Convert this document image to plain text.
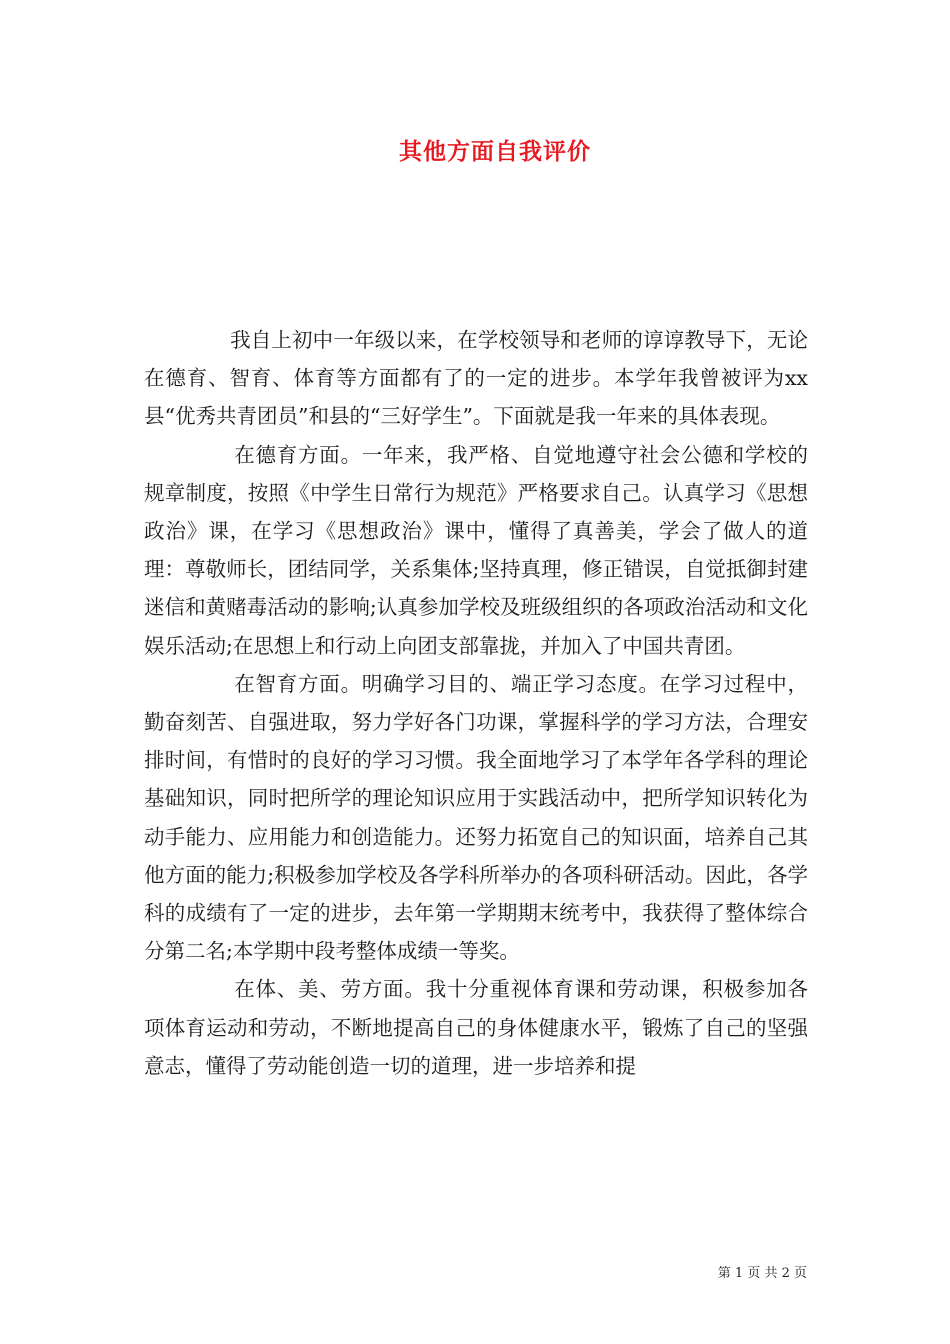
其他方面自我评价

我自上初中一年级以来，在学校领导和老师的谆谆教导下，无论在德育、智育、体育等方面都有了的一定的进步。本学年我曾被评为xx县“优秀共青团员”和县的“三好学生”。下面就是我一年来的具体表现。

在德育方面。一年来，我严格、自觉地遵守社会公德和学校的规章制度，按照《中学生日常行为规范》严格要求自己。认真学习《思想政治》课，在学习《思想政治》课中，懂得了真善美，学会了做人的道理：尊敬师长，团结同学，关系集体;坚持真理，修正错误，自觉抵御封建迷信和黄赌毒活动的影响;认真参加学校及班级组织的各项政治活动和文化娱乐活动;在思想上和行动上向团支部靠拢，并加入了中国共青团。

在智育方面。明确学习目的、端正学习态度。在学习过程中，勤奋刻苦、自强进取，努力学好各门功课，掌握科学的学习方法，合理安排时间，有惜时的良好的学习习惯。我全面地学习了本学年各学科的理论基础知识，同时把所学的理论知识应用于实践活动中，把所学知识转化为动手能力、应用能力和创造能力。还努力拓宽自己的知识面，培养自己其他方面的能力;积极参加学校及各学科所举办的各项科研活动。因此，各学科的成绩有了一定的进步，去年第一学期期末统考中，我获得了整体综合分第二名;本学期中段考整体成绩一等奖。

在体、美、劳方面。我十分重视体育课和劳动课，积极参加各项体育运动和劳动，不断地提高自己的身体健康水平，锻炼了自己的坚强意志，懂得了劳动能创造一切的道理，进一步培养和提

第 1 页 共 2 页
